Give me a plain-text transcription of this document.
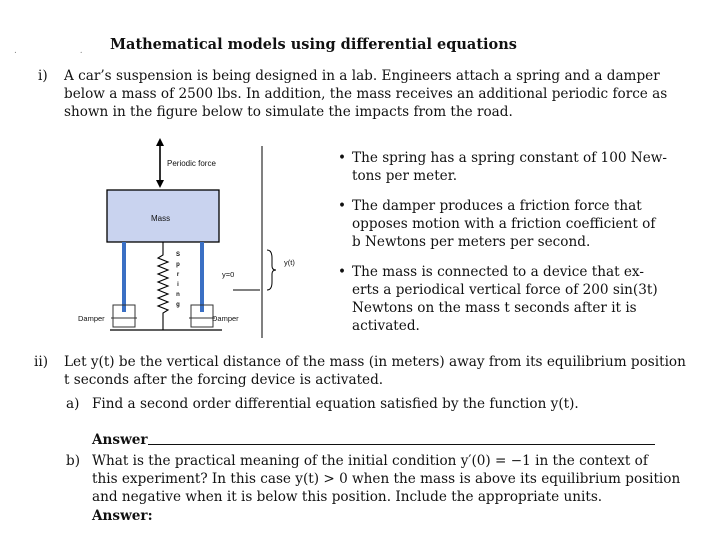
. .
Mathematical models using differential equations
i) A car’s suspension is being designed in a lab. Engineers attach a spring and a damper
below a mass of 2500 lbs. In addition, the mass receives an additional periodic force as
shown in the figure below to simulate the impacts from the road.
Periodic force
Mass
y(t)
y=0
Damper	Damper
S
p
r
i
n
g
• The spring has a spring constant of 100 New-
tons per meter.
• The damper produces a friction force that
opposes motion with a friction coefficient of
b Newtons per meters per second.
• The mass is connected to a device that ex-
erts a periodical vertical force of 200 sin(3t)
Newtons on the mass t seconds after it is
activated.
ii) Let y(t) be the vertical distance of the mass (in meters) away from its equilibrium position
t seconds after the forcing device is activated.
a) Find a second order differential equation satisfied by the function y(t).
Answer
b) What is the practical meaning of the initial condition y′(0) = −1 in the context of
this experiment? In this case y(t) > 0 when the mass is above its equilibrium position
and negative when it is below this position. Include the appropriate units.
Answer:
